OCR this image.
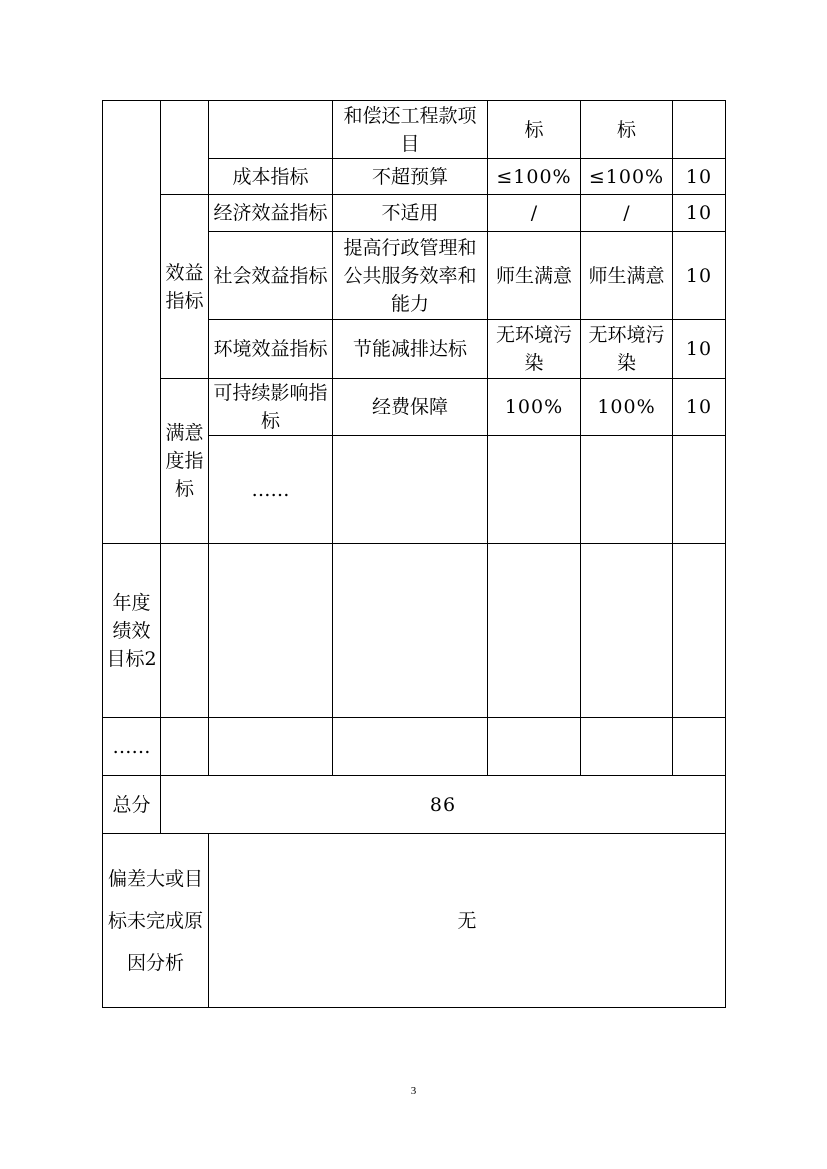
			和偿还工程款项目	标	标	
		成本指标	不超预算	≤100%	≤100%	10
	效益指标	经济效益指标	不适用	/	/	10
		社会效益指标	提高行政管理和公共服务效率和能力	师生满意	师生满意	10
		环境效益指标	节能减排达标	无环境污染	无环境污染	10
	满意度指标	可持续影响指标	经费保障	100%	100%	10
		……				
年度绩效目标2						
……						
总分	86					
偏差大或目标未完成原因分析		无				
3
